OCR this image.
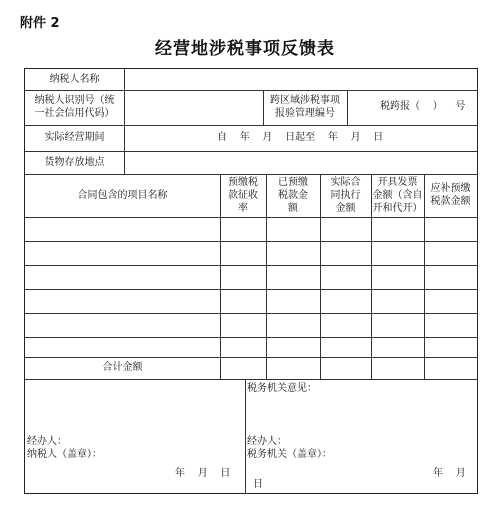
附件 2
经营地涉税事项反馈表
纳税人名称
纳税人识别号（统
一社会信用代码）
跨区域涉税事项
报验管理编号
税跨报（    ）    号
实际经营期间	自    年    月    日起至    年    月    日
货物存放地点
合同包含的项目名称
预缴税
款征收
率
已预缴
税款金
额
实际合
同执行
金额
开具发票
金额（含自
开和代开）
应补预缴
税款金额
合计金额
税务机关意见：
经办人：
纳税人（盖章）：
年    月    日
经办人：
税务机关（盖章）：
年    月
日
